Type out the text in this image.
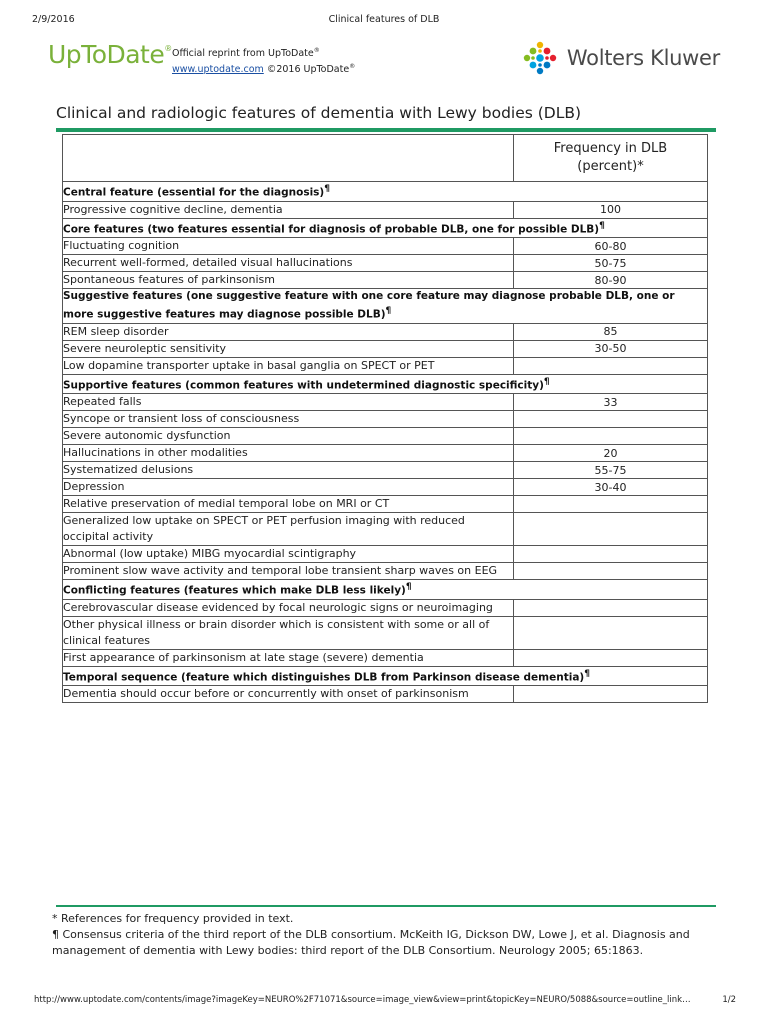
2/9/2016	Clinical features of DLB
UpToDate® Official reprint from UpToDate®
www.uptodate.com ©2016 UpToDate®	Wolters Kluwer
Clinical and radiologic features of dementia with Lewy bodies (DLB)

	Frequency in DLB
(percent)*

Central feature (essential for the diagnosis)¶
Progressive cognitive decline, dementia	100
Core features (two features essential for diagnosis of probable DLB, one for possible DLB)¶
Fluctuating cognition	60-80
Recurrent well-formed, detailed visual hallucinations	50-75
Spontaneous features of parkinsonism	80-90
Suggestive features (one suggestive feature with one core feature may diagnose probable DLB, one or more suggestive features may diagnose possible DLB)¶
REM sleep disorder	85
Severe neuroleptic sensitivity	30-50
Low dopamine transporter uptake in basal ganglia on SPECT or PET	
Supportive features (common features with undetermined diagnostic specificity)¶
Repeated falls	33
Syncope or transient loss of consciousness	
Severe autonomic dysfunction	
Hallucinations in other modalities	20
Systematized delusions	55-75
Depression	30-40
Relative preservation of medial temporal lobe on MRI or CT	
Generalized low uptake on SPECT or PET perfusion imaging with reduced occipital activity	
Abnormal (low uptake) MIBG myocardial scintigraphy	
Prominent slow wave activity and temporal lobe transient sharp waves on EEG	
Conflicting features (features which make DLB less likely)¶
Cerebrovascular disease evidenced by focal neurologic signs or neuroimaging	
Other physical illness or brain disorder which is consistent with some or all of clinical features	
First appearance of parkinsonism at late stage (severe) dementia	
Temporal sequence (feature which distinguishes DLB from Parkinson disease dementia)¶
Dementia should occur before or concurrently with onset of parkinsonism	
* References for frequency provided in text.
¶ Consensus criteria of the third report of the DLB consortium. McKeith IG, Dickson DW, Lowe J, et al. Diagnosis and management of dementia with Lewy bodies: third report of the DLB Consortium. Neurology 2005; 65:1863.
http://www.uptodate.com/contents/image?imageKey=NEURO%2F71071&source=image_view&view=print&topicKey=NEURO/5088&source=outline_link…	1/2
